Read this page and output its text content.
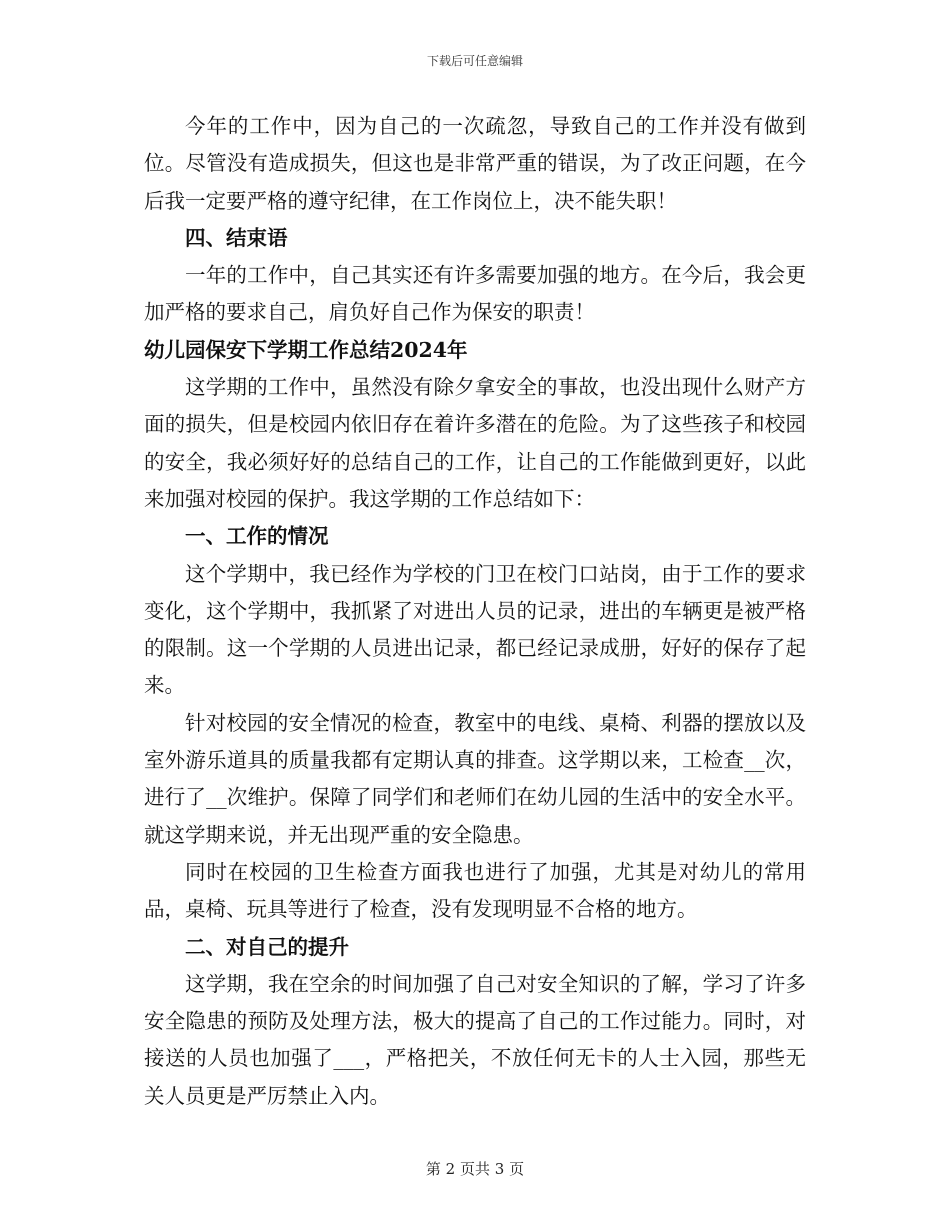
下载后可任意编辑

今年的工作中，因为自己的一次疏忽，导致自己的工作并没有做到位。尽管没有造成损失，但这也是非常严重的错误，为了改正问题，在今后我一定要严格的遵守纪律，在工作岗位上，决不能失职！

四、结束语

一年的工作中，自己其实还有许多需要加强的地方。在今后，我会更加严格的要求自己，肩负好自己作为保安的职责！

幼儿园保安下学期工作总结2024年

这学期的工作中，虽然没有除夕拿安全的事故，也没出现什么财产方面的损失，但是校园内依旧存在着许多潜在的危险。为了这些孩子和校园的安全，我必须好好的总结自己的工作，让自己的工作能做到更好，以此来加强对校园的保护。我这学期的工作总结如下：

一、工作的情况

这个学期中，我已经作为学校的门卫在校门口站岗，由于工作的要求变化，这个学期中，我抓紧了对进出人员的记录，进出的车辆更是被严格的限制。这一个学期的人员进出记录，都已经记录成册，好好的保存了起来。

针对校园的安全情况的检查，教室中的电线、桌椅、利器的摆放以及室外游乐道具的质量我都有定期认真的排查。这学期以来，工检查__次，进行了__次维护。保障了同学们和老师们在幼儿园的生活中的安全水平。就这学期来说，并无出现严重的安全隐患。

同时在校园的卫生检查方面我也进行了加强，尤其是对幼儿的常用品，桌椅、玩具等进行了检查，没有发现明显不合格的地方。

二、对自己的提升

这学期，我在空余的时间加强了自己对安全知识的了解，学习了许多安全隐患的预防及处理方法，极大的提高了自己的工作过能力。同时，对接送的人员也加强了___，严格把关，不放任何无卡的人士入园，那些无关人员更是严厉禁止入内。

第 2 页共 3 页
